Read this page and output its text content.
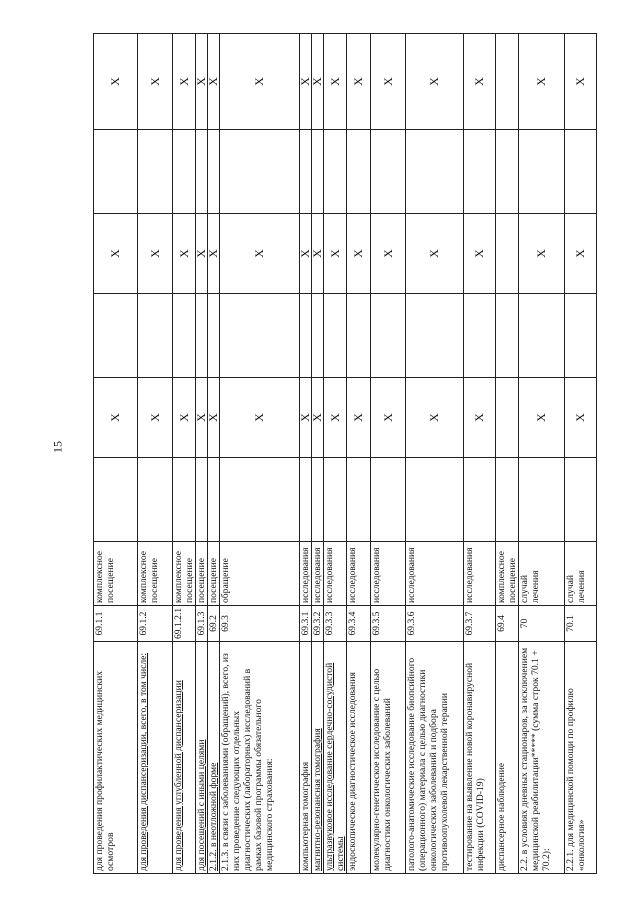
15
для проведения профилактических медицинских осмотров	69.1.1	комплексное посещение		X		X		X
для проведения диспансеризации, всего, в том числе:	69.1.2	комплексное посещение		X		X		X
для проведения углубленной диспансеризации	69.1.2.1	комплексное посещение		X		X		X
для посещений с иными целями	69.1.3	посещение		X		X		X
2.1.2. в неотложной форме	69.2	посещение		X		X		X
2.1.3. в связи с заболеваниями (обращений), всего, из них проведение следующих отдельных диагностических (лабораторных) исследований в рамках базовой программы обязательного медицинского страхования:	69.3	обращение		X		X		X
компьютерная томография	69.3.1	исследования		X		X		X
магнитно-резонансная томография	69.3.2	исследования		X		X		X
ультразвуковое исследование сердечно-сосудистой системы	69.3.3	исследования		X		X		X
эндоскопическое диагностическое исследования	69.3.4	исследования		X		X		X
молекулярно-генетическое исследование с целью диагностики онкологических заболеваний	69.3.5	исследования		X		X		X
патолого-анатомические исследование биопсийного (операционного) материала с целью диагностики онкологических заболеваний и подбора противоопухолевой лекарственной терапии	69.3.6	исследования		X		X		X
тестирование на выявление новой коронавирусной инфекции (COVID-19)	69.3.7	исследования		X		X		X
диспансерное наблюдение	69.4	комплексное посещение						
2.2. в условиях дневных стационаров, за исключением медицинской реабилитации***** (сумма строк 70.1 + 70.2):	70	случай лечения		X		X		X
2.2.1. для медицинской помощи по профилю «онкология»	70.1	случай лечения		X		X		X
